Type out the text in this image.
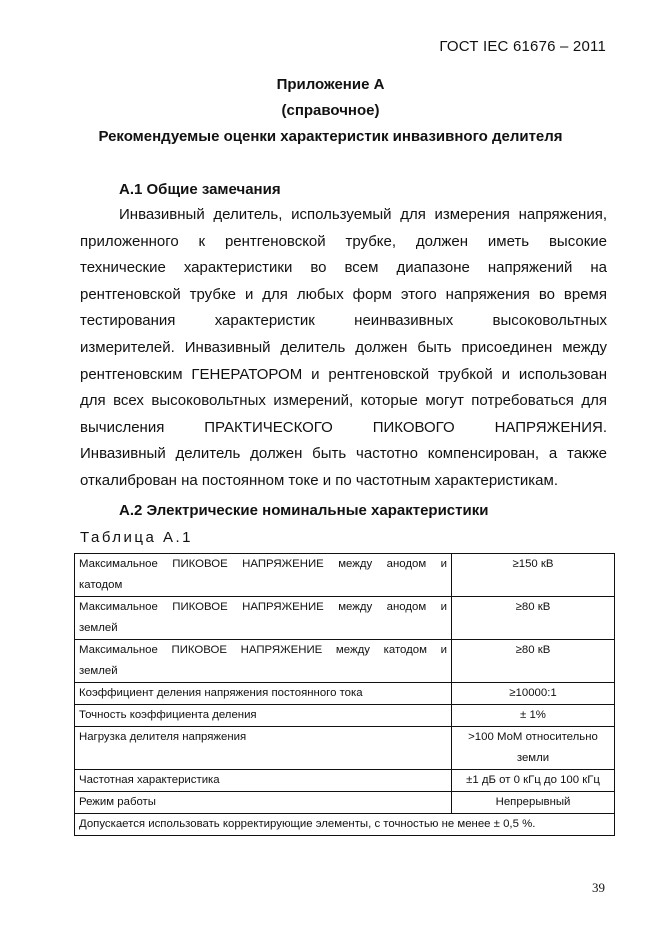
ГОСТ IEC 61676 – 2011
Приложение А
(справочное)
Рекомендуемые оценки характеристик инвазивного делителя
А.1 Общие замечания
Инвазивный делитель, используемый для измерения напряжения,
приложенного к рентгеновской трубке, должен иметь высокие
технические характеристики во всем диапазоне напряжений на
рентгеновской трубке и для любых форм этого напряжения во время
тестирования характеристик неинвазивных высоковольтных
измерителей. Инвазивный делитель должен быть присоединен между
рентгеновским ГЕНЕРАТОРОМ и рентгеновской трубкой и использован
для всех высоковольтных измерений, которые могут потребоваться для
вычисления ПРАКТИЧЕСКОГО ПИКОВОГО НАПРЯЖЕНИЯ.
Инвазивный делитель должен быть частотно компенсирован, а также
откалиброван на постоянном токе и по частотным характеристикам.
А.2 Электрические номинальные характеристики
Таблица А.1
Максимальное ПИКОВОЕ НАПРЯЖЕНИЕ между анодом и
катодом	≥150 кВ

Максимальное ПИКОВОЕ НАПРЯЖЕНИЕ между анодом и
землей	≥80 кВ

Максимальное ПИКОВОЕ НАПРЯЖЕНИЕ между катодом и
землей	≥80 кВ
Коэффициент деления напряжения постоянного тока	≥10000:1
Точность коэффициента деления	± 1%
Нагрузка делителя напряжения	>100 МоМ относительно
земли

Частотная характеристика	±1 дБ от 0 кГц до 100 кГц
Режим работы	Непрерывный
Допускается использовать корректирующие элементы, с точностью не менее ± 0,5 %.	
39
